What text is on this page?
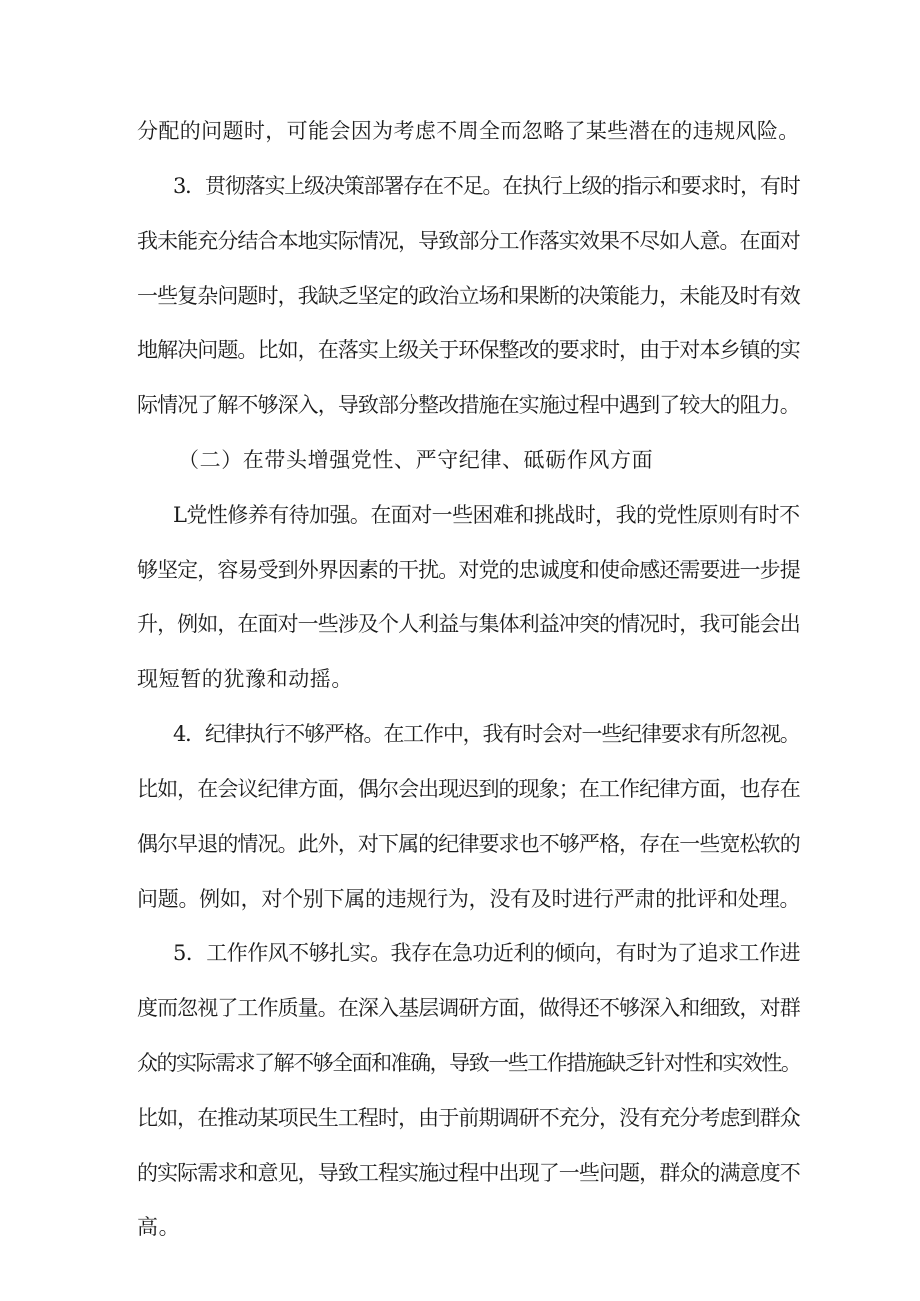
分配的问题时，可能会因为考虑不周全而忽略了某些潜在的违规风险。
3．贯彻落实上级决策部署存在不足。在执行上级的指示和要求时，有时
我未能充分结合本地实际情况，导致部分工作落实效果不尽如人意。在面对
一些复杂问题时，我缺乏坚定的政治立场和果断的决策能力，未能及时有效
地解决问题。比如，在落实上级关于环保整改的要求时，由于对本乡镇的实
际情况了解不够深入，导致部分整改措施在实施过程中遇到了较大的阻力。
（二）在带头增强党性、严守纪律、砥砺作风方面
L党性修养有待加强。在面对一些困难和挑战时，我的党性原则有时不
够坚定，容易受到外界因素的干扰。对党的忠诚度和使命感还需要进一步提
升，例如，在面对一些涉及个人利益与集体利益冲突的情况时，我可能会出
现短暂的犹豫和动摇。
4．纪律执行不够严格。在工作中，我有时会对一些纪律要求有所忽视。
比如，在会议纪律方面，偶尔会出现迟到的现象；在工作纪律方面，也存在
偶尔早退的情况。此外，对下属的纪律要求也不够严格，存在一些宽松软的
问题。例如，对个别下属的违规行为，没有及时进行严肃的批评和处理。
5．工作作风不够扎实。我存在急功近利的倾向，有时为了追求工作进
度而忽视了工作质量。在深入基层调研方面，做得还不够深入和细致，对群
众的实际需求了解不够全面和准确，导致一些工作措施缺乏针对性和实效性。
比如，在推动某项民生工程时，由于前期调研不充分，没有充分考虑到群众
的实际需求和意见，导致工程实施过程中出现了一些问题，群众的满意度不
高。
